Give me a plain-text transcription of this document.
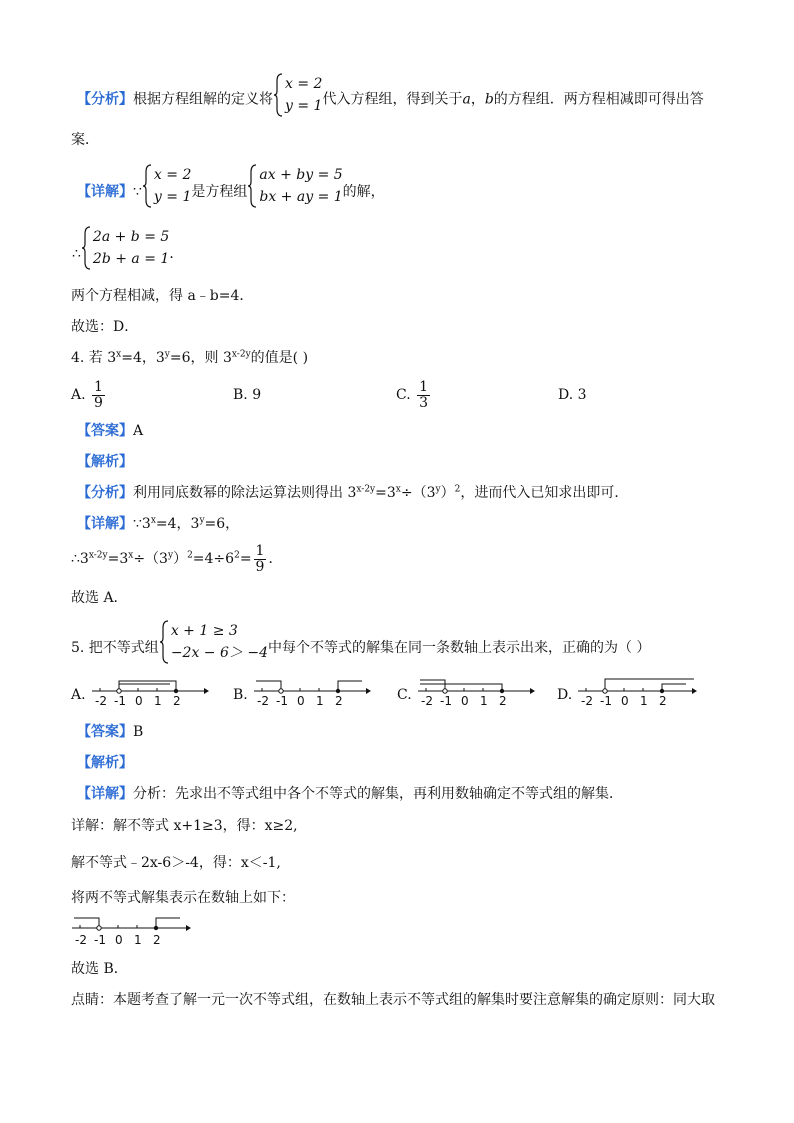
【分析】根据方程组解的定义将
x = 2
y = 1 代入方程组，得到关于a，b的方程组．两方程相减即可得出答
案．
【详解】∵
x = 2
y = 1 是方程组
ax + by = 5
bx + ay = 1 的解，
∴
2a + b = 5
2b + a = 1 ．
两个方程相减，得 a﹣b=4．
故选：D．
4. 若 $3^x=4$，$3^y=6$，则 $3^{x-2y}$的值是( )
A. $\frac{1}{9}$	B. 9	C. $\frac{1}{3}$	D. 3
【答案】A
【解析】
【分析】利用同底数幂的除法运算法则得出 $3^{x-2y}=3^x\div(3^y)^2$，进而代入已知求出即可．
【详解】$\because 3^x=4$，$3^y=6$，
$\therefore 3^{x-2y}=3^x\div(3^y)^2=4\div 6^2= \frac{1}{9}$ ．
故选 A．
5. 把不等式组
x + 1 ≥ 3
−2x − 6＞ −4 中每个不等式的解集在同一条数轴上表示出来，正确的为（ ）
A. -2 -1 0 1 2	B. -2 -1 0 1 2	C. -2 -1 0 1 2	D. -2 -1 0 1 2
【答案】B
【解析】
【详解】分析：先求出不等式组中各个不等式的解集，再利用数轴确定不等式组的解集．
详解：解不等式 x+1≥3，得：x≥2,
解不等式﹣2x-6＞-4，得：x＜-1,
将两不等式解集表示在数轴上如下：
-2 -1 0 1 2
故选 B．
点睛：本题考查了解一元一次不等式组，在数轴上表示不等式组的解集时要注意解集的确定原则：同大取
